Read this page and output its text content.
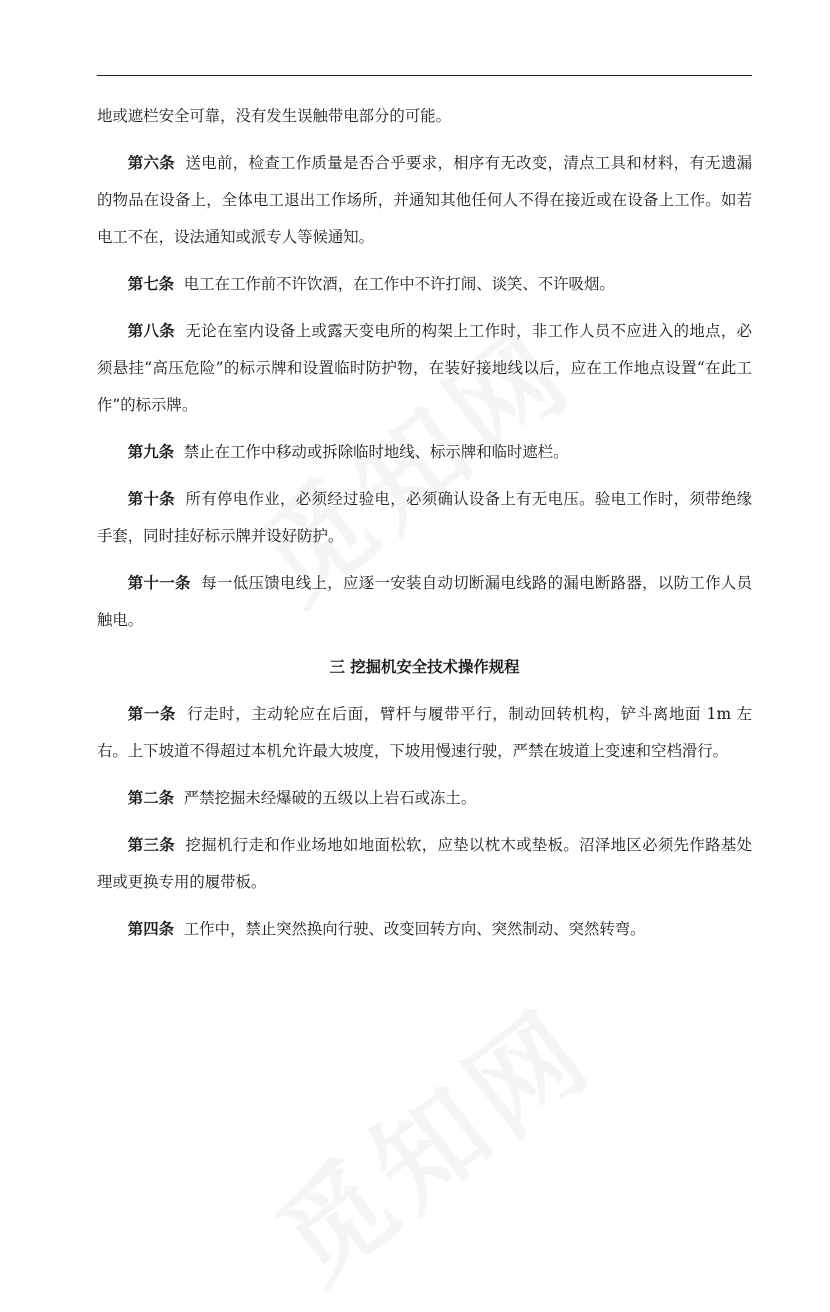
地或遮栏安全可靠，没有发生误触带电部分的可能。

第六条 送电前，检查工作质量是否合乎要求，相序有无改变，清点工具和材料，有无遗漏的物品在设备上，全体电工退出工作场所，并通知其他任何人不得在接近或在设备上工作。如若电工不在，设法通知或派专人等候通知。

第七条 电工在工作前不许饮酒，在工作中不许打闹、谈笑、不许吸烟。

第八条 无论在室内设备上或露天变电所的构架上工作时，非工作人员不应进入的地点，必须悬挂“高压危险”的标示牌和设置临时防护物，在装好接地线以后，应在工作地点设置“在此工作”的标示牌。

第九条 禁止在工作中移动或拆除临时地线、标示牌和临时遮栏。

第十条 所有停电作业，必须经过验电，必须确认设备上有无电压。验电工作时，须带绝缘手套，同时挂好标示牌并设好防护。

第十一条 每一低压馈电线上，应逐一安装自动切断漏电线路的漏电断路器，以防工作人员触电。

三 挖掘机安全技术操作规程

第一条 行走时，主动轮应在后面，臂杆与履带平行，制动回转机构，铲斗离地面 1m 左右。上下坡道不得超过本机允许最大坡度，下坡用慢速行驶，严禁在坡道上变速和空档滑行。

第二条 严禁挖掘未经爆破的五级以上岩石或冻土。

第三条 挖掘机行走和作业场地如地面松软，应垫以枕木或垫板。沼泽地区必须先作路基处理或更换专用的履带板。

第四条 工作中，禁止突然换向行驶、改变回转方向、突然制动、突然转弯。
